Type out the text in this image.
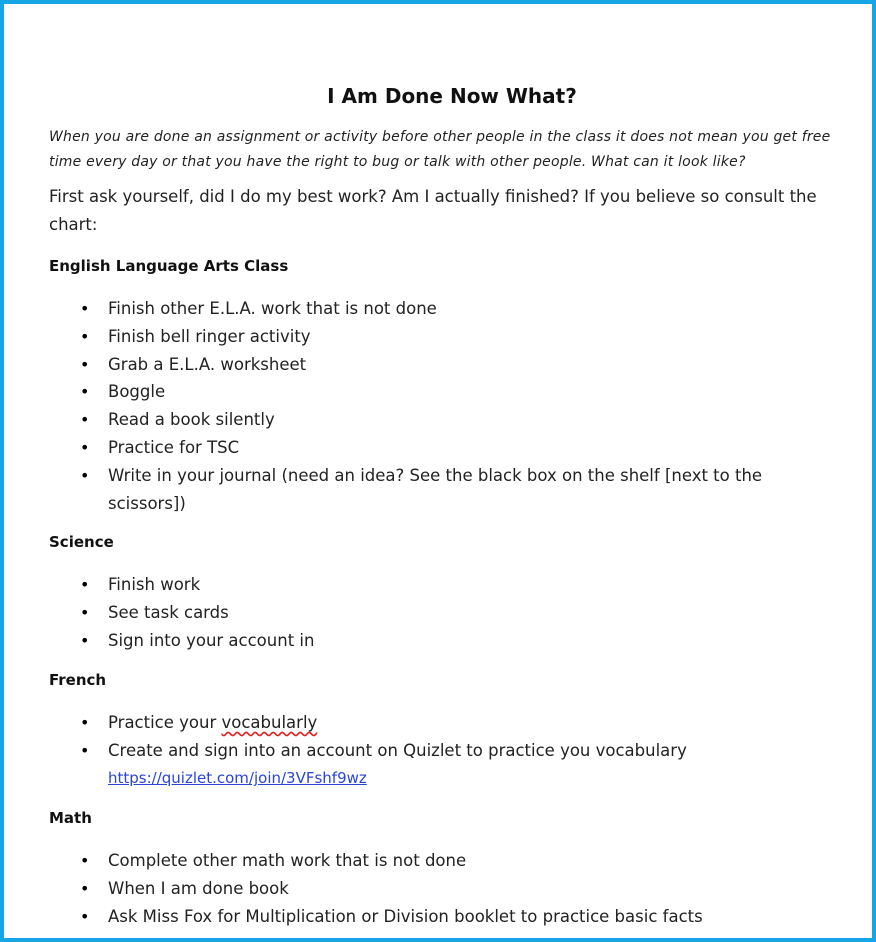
I Am Done Now What?

When you are done an assignment or activity before other people in the class it does not mean you get free time every day or that you have the right to bug or talk with other people. What can it look like?

First ask yourself, did I do my best work? Am I actually finished? If you believe so consult the chart:

English Language Arts Class
• Finish other E.L.A. work that is not done
• Finish bell ringer activity
• Grab a E.L.A. worksheet
• Boggle
• Read a book silently
• Practice for TSC
• Write in your journal (need an idea? See the black box on the shelf [next to the scissors])
Science
• Finish work
• See task cards
• Sign into your account in
French
• Practice your vocabularly
• Create and sign into an account on Quizlet to practice you vocabulary
https://quizlet.com/join/3VFshf9wz
Math
• Complete other math work that is not done
• When I am done book
• Ask Miss Fox for Multiplication or Division booklet to practice basic facts
